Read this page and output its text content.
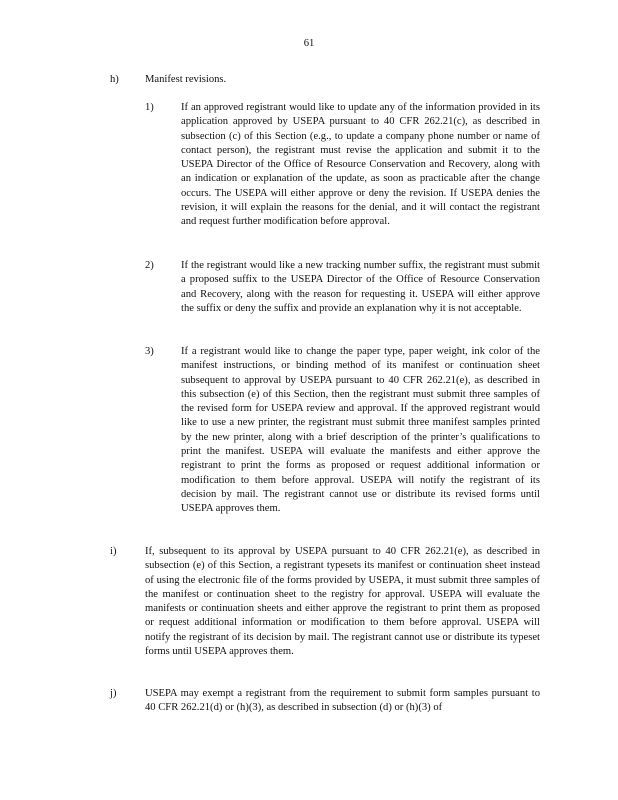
61
h) Manifest revisions.
1)	If an approved registrant would like to update any of the information provided in its application approved by USEPA pursuant to 40 CFR 262.21(c), as described in subsection (c) of this Section (e.g., to update a company phone number or name of contact person), the registrant must revise the application and submit it to the USEPA Director of the Office of Resource Conservation and Recovery, along with an indication or explanation of the update, as soon as practicable after the change occurs. The USEPA will either approve or deny the revision. If USEPA denies the revision, it will explain the reasons for the denial, and it will contact the registrant and request further modification before approval.

2)	If the registrant would like a new tracking number suffix, the registrant must submit a proposed suffix to the USEPA Director of the Office of Resource Conservation and Recovery, along with the reason for requesting it. USEPA will either approve the suffix or deny the suffix and provide an explanation why it is not acceptable.

3)	If a registrant would like to change the paper type, paper weight, ink color of the manifest instructions, or binding method of its manifest or continuation sheet subsequent to approval by USEPA pursuant to 40 CFR 262.21(e), as described in this subsection (e) of this Section, then the registrant must submit three samples of the revised form for USEPA review and approval. If the approved registrant would like to use a new printer, the registrant must submit three manifest samples printed by the new printer, along with a brief description of the printer’s qualifications to print the manifest. USEPA will evaluate the manifests and either approve the registrant to print the forms as proposed or request additional information or modification to them before approval. USEPA will notify the registrant of its decision by mail. The registrant cannot use or distribute its revised forms until USEPA approves them.

i)	If, subsequent to its approval by USEPA pursuant to 40 CFR 262.21(e), as described in subsection (e) of this Section, a registrant typesets its manifest or continuation sheet instead of using the electronic file of the forms provided by USEPA, it must submit three samples of the manifest or continuation sheet to the registry for approval. USEPA will evaluate the manifests or continuation sheets and either approve the registrant to print them as proposed or request additional information or modification to them before approval. USEPA will notify the registrant of its decision by mail. The registrant cannot use or distribute its typeset forms until USEPA approves them.

j)	USEPA may exempt a registrant from the requirement to submit form samples pursuant to 40 CFR 262.21(d) or (h)(3), as described in subsection (d) or (h)(3) of
